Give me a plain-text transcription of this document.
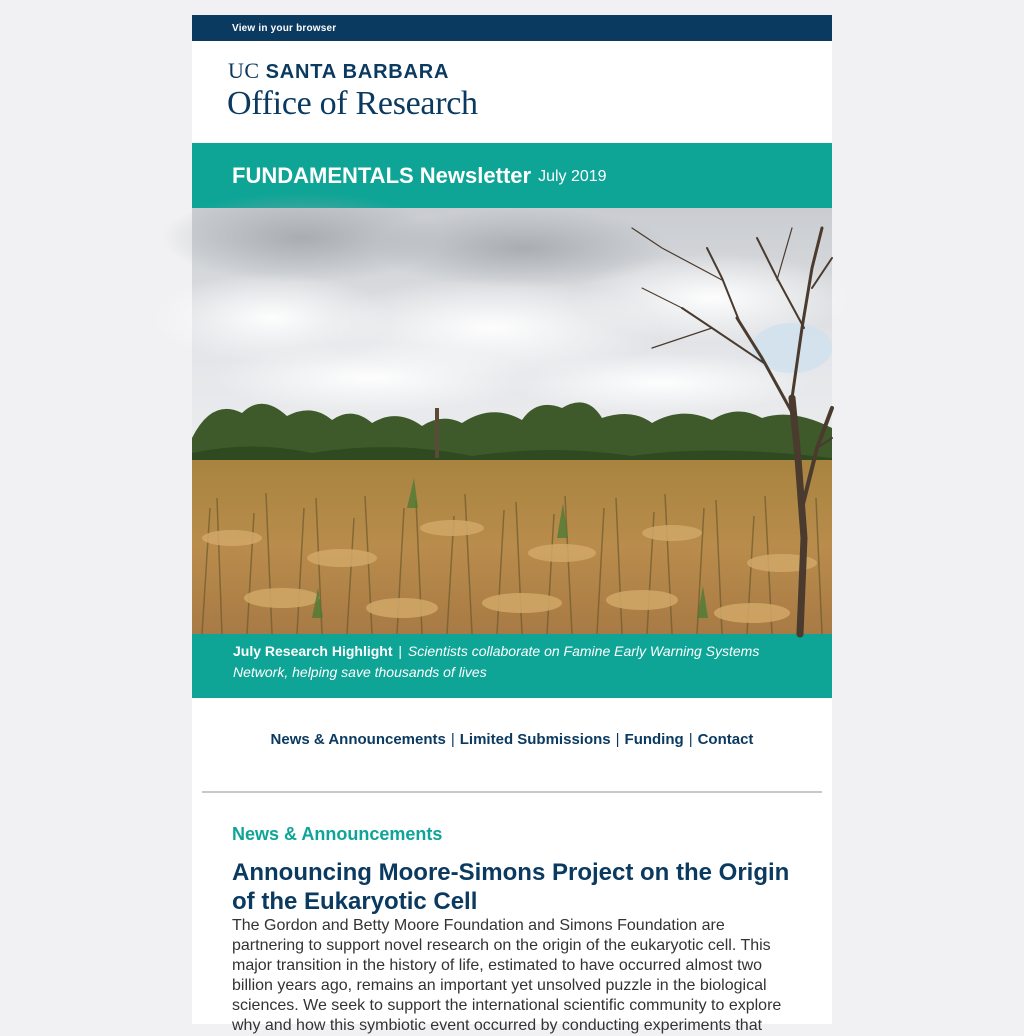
View in your browser
UC SANTA BARBARA
Office of Research
FUNDAMENTALS Newsletter July 2019
July Research Highlight | Scientists collaborate on Famine Early Warning Systems Network, helping save thousands of lives
News & Announcements | Limited Submissions | Funding | Contact
News & Announcements
Announcing Moore-Simons Project on the Origin of the Eukaryotic Cell

The Gordon and Betty Moore Foundation and Simons Foundation are partnering to support novel research on the origin of the eukaryotic cell. This major transition in the history of life, estimated to have occurred almost two billion years ago, remains an important yet unsolved puzzle in the biological sciences. We seek to support the international scientific community to explore why and how this symbiotic event occurred by conducting experiments that
